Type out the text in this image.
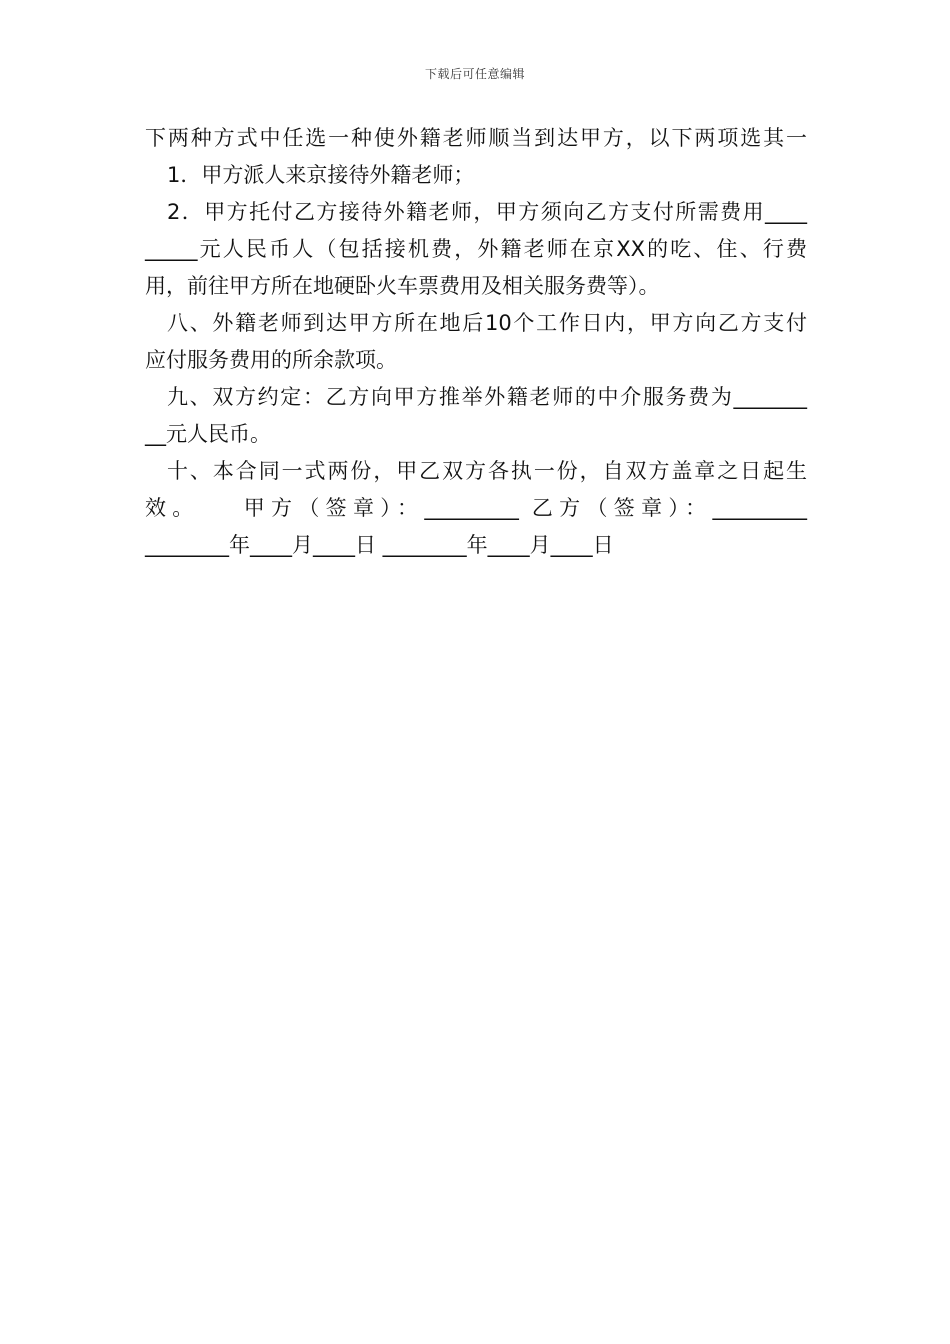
下载后可任意编辑
下两种方式中任选一种使外籍老师顺当到达甲方，以下两项选其一
1．甲方派人来京接待外籍老师；
2．甲方托付乙方接待外籍老师，甲方须向乙方支付所需费用____
_____元人民币人（包括接机费，外籍老师在京XX的吃、住、行费
用，前往甲方所在地硬卧火车票费用及相关服务费等）。
八、外籍老师到达甲方所在地后10个工作日内，甲方向乙方支付
应付服务费用的所余款项。
九、双方约定：乙方向甲方推举外籍老师的中介服务费为_______
__元人民币。
十、本合同一式两份，甲乙双方各执一份，自双方盖章之日起生
效。　　甲方（签章）：_________ 乙方（签章）：_________
________年____月____日 ________年____月____日
